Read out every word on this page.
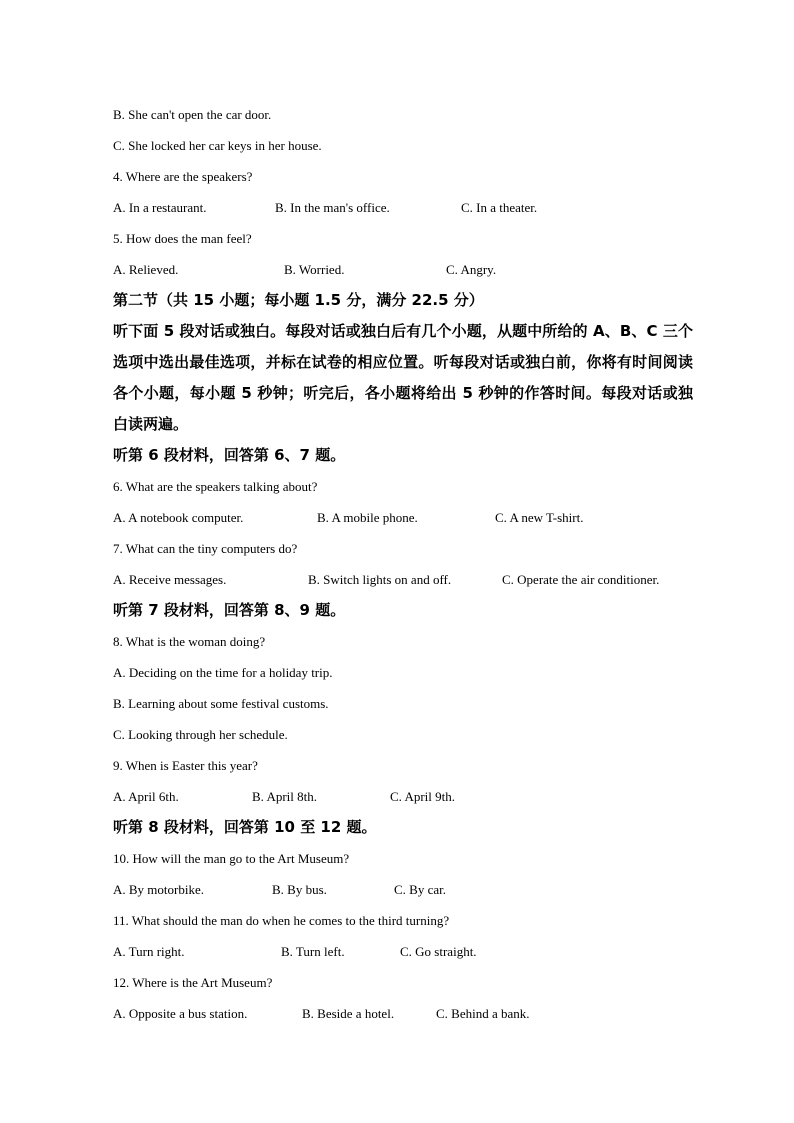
B. She can't open the car door.
C. She locked her car keys in her house.
4. Where are the speakers?
A. In a restaurant.	B. In the man's office.	C. In a theater.
5. How does the man feel?
A. Relieved.	B. Worried.	C. Angry.
第二节（共 15 小题；每小题 1.5 分，满分 22.5 分）
听下面 5 段对话或独白。每段对话或独白后有几个小题，从题中所给的 A、B、C 三个选项中选出最佳选项，并标在试卷的相应位置。听每段对话或独白前，你将有时间阅读各个小题，每小题 5 秒钟；听完后，各小题将给出 5 秒钟的作答时间。每段对话或独白读两遍。
听第 6 段材料，回答第 6、7 题。
6. What are the speakers talking about?
A. A notebook computer.	B. A mobile phone.	C. A new T-shirt.
7. What can the tiny computers do?
A. Receive messages.	B. Switch lights on and off.	C. Operate the air conditioner.
听第 7 段材料，回答第 8、9 题。
8. What is the woman doing?
A. Deciding on the time for a holiday trip.
B. Learning about some festival customs.
C. Looking through her schedule.
9. When is Easter this year?
A. April 6th.	B. April 8th.	C. April 9th.
听第 8 段材料，回答第 10 至 12 题。
10. How will the man go to the Art Museum?
A. By motorbike.	B. By bus.	C. By car.
11. What should the man do when he comes to the third turning?
A. Turn right.	B. Turn left.	C. Go straight.
12. Where is the Art Museum?
A. Opposite a bus station.	B. Beside a hotel.	C. Behind a bank.
